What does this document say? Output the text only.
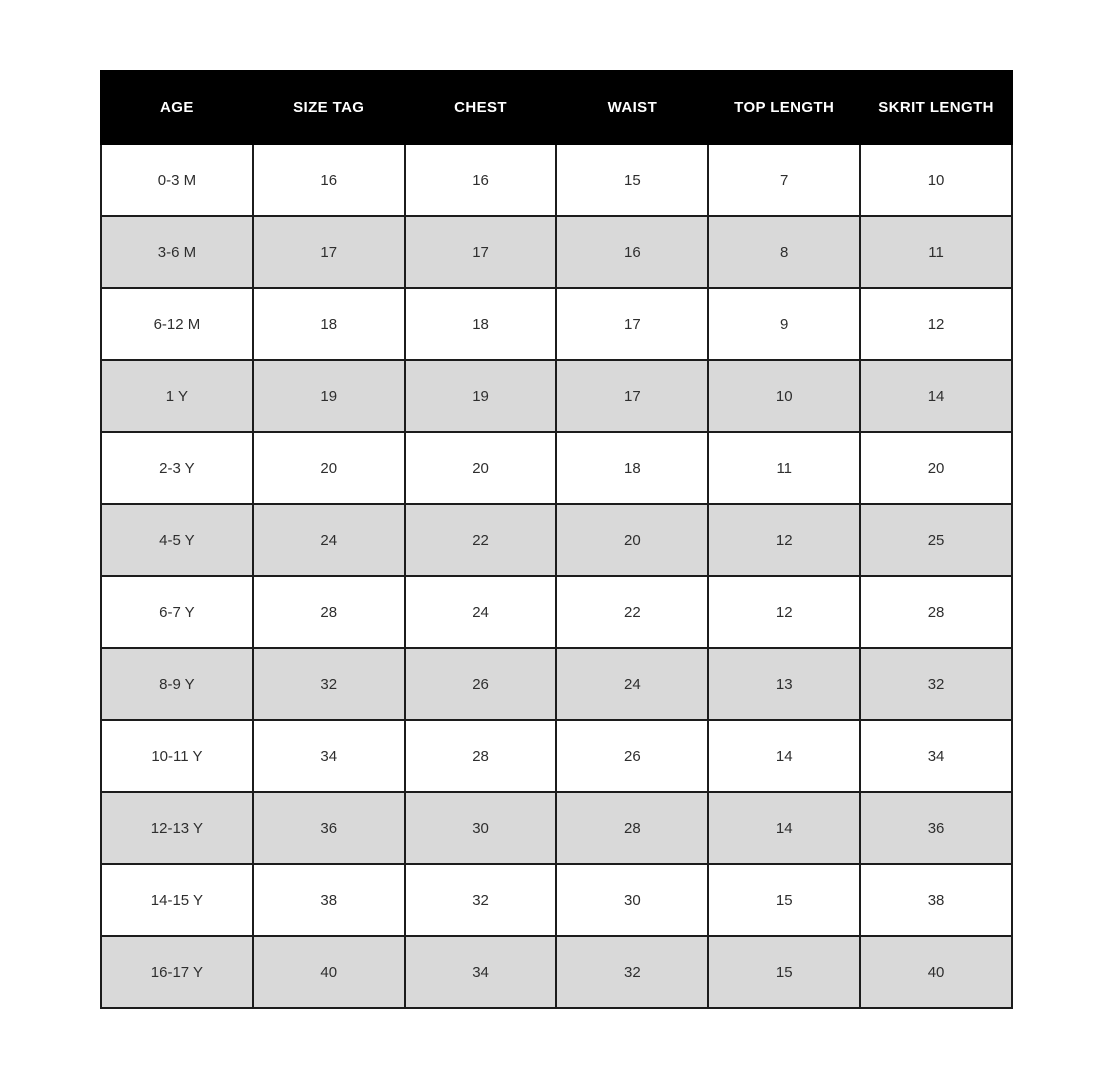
AGE	SIZE TAG	CHEST	WAIST	TOP LENGTH	SKRIT LENGTH
0-3 M	16	16	15	7	10
3-6 M	17	17	16	8	11
6-12 M	18	18	17	9	12
1 Y	19	19	17	10	14
2-3 Y	20	20	18	11	20
4-5 Y	24	22	20	12	25
6-7 Y	28	24	22	12	28
8-9 Y	32	26	24	13	32
10-11 Y	34	28	26	14	34
12-13 Y	36	30	28	14	36
14-15 Y	38	32	30	15	38
16-17 Y	40	34	32	15	40
